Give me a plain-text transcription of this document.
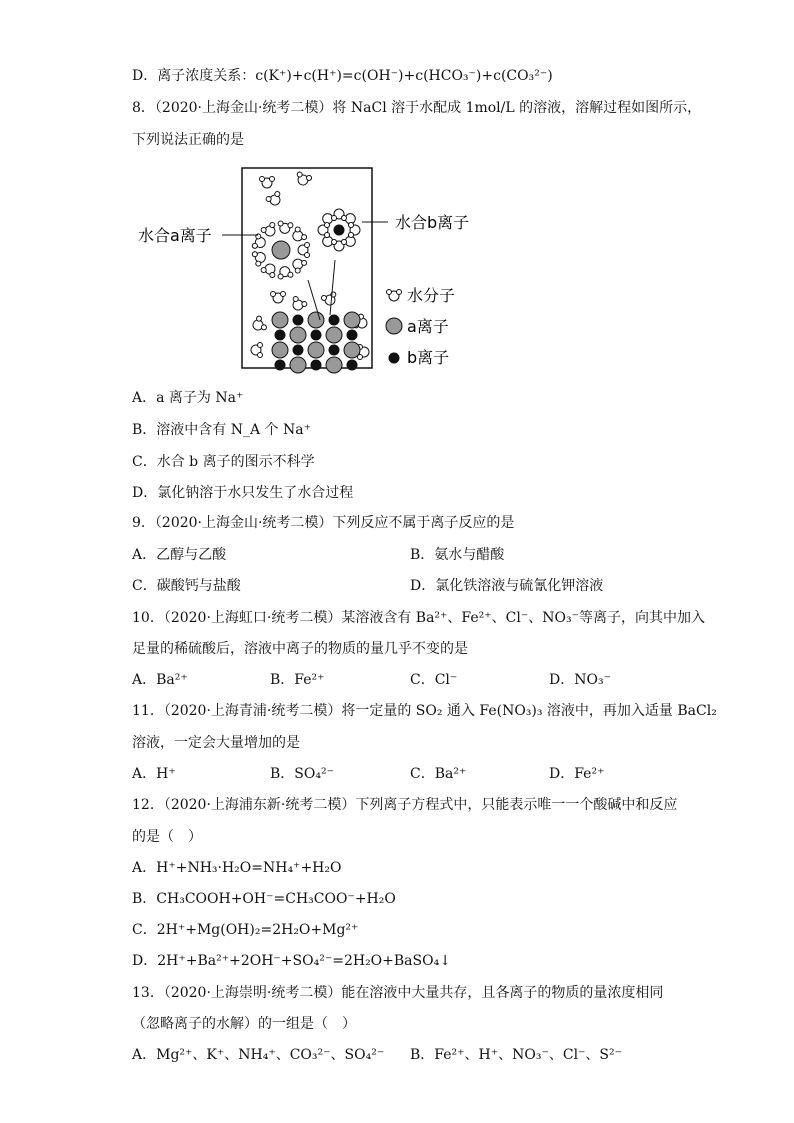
D．离子浓度关系：c(K⁺)+c(H⁺)=c(OH⁻)+c(HCO₃⁻)+c(CO₃²⁻)
8．（2020·上海金山·统考二模）将 NaCl 溶于水配成 1mol/L 的溶液，溶解过程如图所示，
下列说法正确的是
水合a离子
水合b离子
水分子
a离子
b离子
A．a 离子为 Na⁺
B．溶液中含有 N_A 个 Na⁺
C．水合 b 离子的图示不科学
D．氯化钠溶于水只发生了水合过程
9．（2020·上海金山·统考二模）下列反应不属于离子反应的是
A．乙醇与乙酸	B．氨水与醋酸
C．碳酸钙与盐酸	D．氯化铁溶液与硫氰化钾溶液
10．（2020·上海虹口·统考二模）某溶液含有 Ba²⁺、Fe²⁺、Cl⁻、NO₃⁻等离子，向其中加入
足量的稀硫酸后，溶液中离子的物质的量几乎不变的是
A．Ba²⁺	B．Fe²⁺	C．Cl⁻	D．NO₃⁻
11．（2020·上海青浦·统考二模）将一定量的 SO₂ 通入 Fe(NO₃)₃ 溶液中，再加入适量 BaCl₂
溶液，一定会大量增加的是
A．H⁺	B．SO₄²⁻	C．Ba²⁺	D．Fe²⁺
12．（2020·上海浦东新·统考二模）下列离子方程式中，只能表示唯一一个酸碱中和反应
的是（　）
A．H⁺+NH₃·H₂O=NH₄⁺+H₂O
B．CH₃COOH+OH⁻=CH₃COO⁻+H₂O
C．2H⁺+Mg(OH)₂=2H₂O+Mg²⁺
D．2H⁺+Ba²⁺+2OH⁻+SO₄²⁻=2H₂O+BaSO₄↓
13．（2020·上海崇明·统考二模）能在溶液中大量共存，且各离子的物质的量浓度相同
（忽略离子的水解）的一组是（　）
A．Mg²⁺、K⁺、NH₄⁺、CO₃²⁻、SO₄²⁻ B．Fe²⁺、H⁺、NO₃⁻、Cl⁻、S²⁻
